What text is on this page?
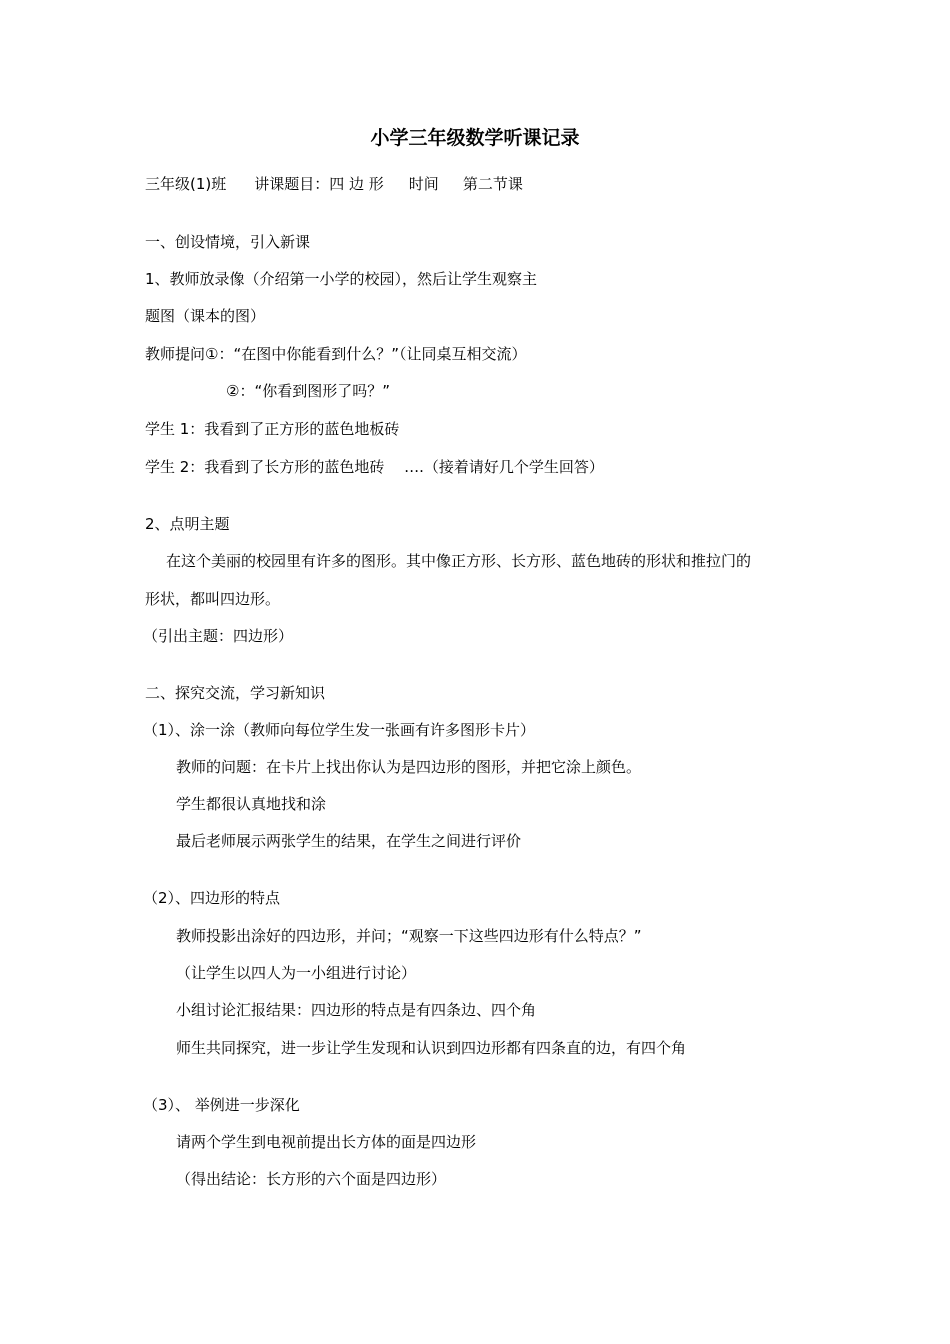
小学三年级数学听课记录
三年级(1)班 讲课题目：四 边 形 时间 第二节课
一、创设情境，引入新课
1、教师放录像（介绍第一小学的校园），然后让学生观察主
题图（课本的图）
教师提问①：“在图中你能看到什么？”（让同桌互相交流）
②：“你看到图形了吗？”
学生 1：我看到了正方形的蓝色地板砖
学生 2：我看到了长方形的蓝色地砖　 ….（接着请好几个学生回答）
2、点明主题
在这个美丽的校园里有许多的图形。其中像正方形、长方形、蓝色地砖的形状和推拉门的
形状，都叫四边形。
（引出主题：四边形）
二、探究交流，学习新知识
（1）、涂一涂（教师向每位学生发一张画有许多图形卡片）
教师的问题：在卡片上找出你认为是四边形的图形，并把它涂上颜色。
学生都很认真地找和涂
最后老师展示两张学生的结果，在学生之间进行评价
（2）、四边形的特点
教师投影出涂好的四边形，并问；“观察一下这些四边形有什么特点？”
（让学生以四人为一小组进行讨论）
小组讨论汇报结果：四边形的特点是有四条边、四个角
师生共同探究，进一步让学生发现和认识到四边形都有四条直的边，有四个角
（3）、 举例进一步深化
请两个学生到电视前提出长方体的面是四边形
（得出结论：长方形的六个面是四边形）
